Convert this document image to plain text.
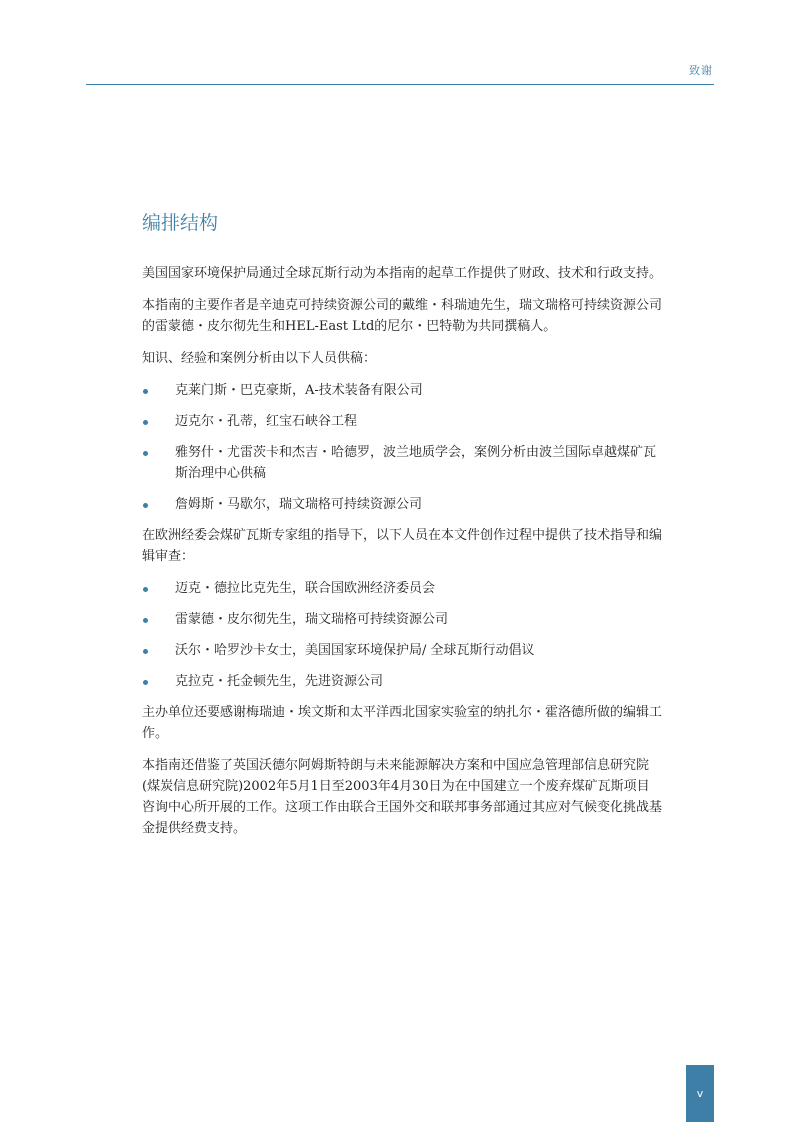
致谢
编排结构

美国国家环境保护局通过全球瓦斯行动为本指南的起草工作提供了财政、技术和行政支持。

本指南的主要作者是辛迪克可持续资源公司的戴维・科瑞迪先生，瑞文瑞格可持续资源公司的雷蒙德・皮尔彻先生和HEL-East Ltd的尼尔・巴特勒为共同撰稿人。

知识、经验和案例分析由以下人员供稿：

克莱门斯・巴克豪斯，A-技术装备有限公司
迈克尔・孔蒂，红宝石峡谷工程
雅努什・尤雷茨卡和杰吉・哈德罗，波兰地质学会，案例分析由波兰国际卓越煤矿瓦斯治理中心供稿
詹姆斯・马歇尔，瑞文瑞格可持续资源公司

在欧洲经委会煤矿瓦斯专家组的指导下，以下人员在本文件创作过程中提供了技术指导和编辑审查：

迈克・德拉比克先生，联合国欧洲经济委员会
雷蒙德・皮尔彻先生，瑞文瑞格可持续资源公司
沃尔・哈罗沙卡女士，美国国家环境保护局/ 全球瓦斯行动倡议
克拉克・托金顿先生，先进资源公司

主办单位还要感谢梅瑞迪・埃文斯和太平洋西北国家实验室的纳扎尔・霍洛德所做的编辑工作。

本指南还借鉴了英国沃德尔阿姆斯特朗与未来能源解决方案和中国应急管理部信息研究院(煤炭信息研究院)2002年5月1日至2003年4月30日为在中国建立一个废弃煤矿瓦斯项目咨询中心所开展的工作。这项工作由联合王国外交和联邦事务部通过其应对气候变化挑战基金提供经费支持。

v
